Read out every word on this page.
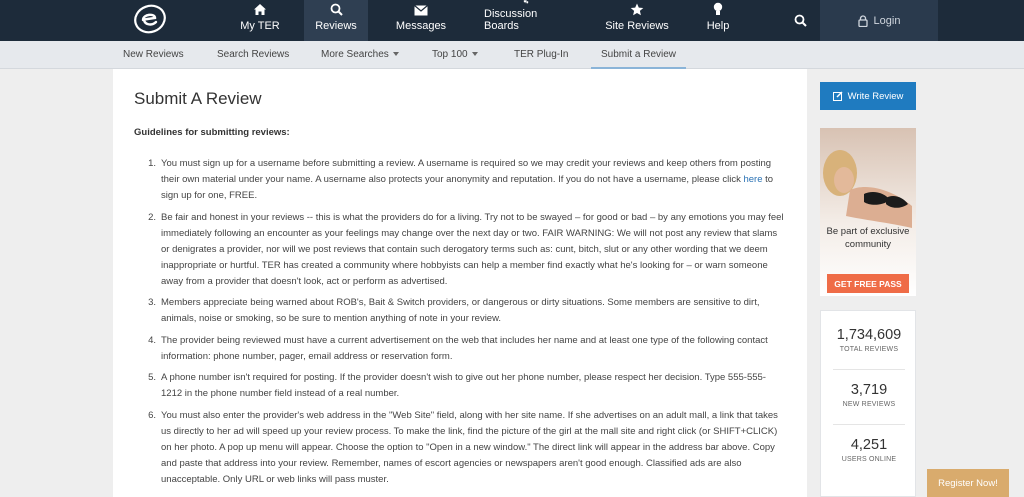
My TER	Reviews	Messages
Discussion Boards	Site Reviews	Help	Login
New Reviews	Search Reviews	More Searches	Top 100	TER Plug-In	Submit a Review
Submit A Review
Guidelines for submitting reviews:
1. You must sign up for a username before submitting a review. A username is required so we may credit your reviews and keep others from posting their own material under your name. A username also protects your anonymity and reputation. If you do not have a username, please click here to sign up for one, FREE.
2. Be fair and honest in your reviews -- this is what the providers do for a living. Try not to be swayed – for good or bad – by any emotions you may feel immediately following an encounter as your feelings may change over the next day or two. FAIR WARNING: We will not post any review that slams or denigrates a provider, nor will we post reviews that contain such derogatory terms such as: cunt, bitch, slut or any other wording that we deem inappropriate or hurtful. TER has created a community where hobbyists can help a member find exactly what he's looking for – or warn someone away from a provider that doesn't look, act or perform as advertised.
3. Members appreciate being warned about ROB's, Bait & Switch providers, or dangerous or dirty situations. Some members are sensitive to dirt, animals, noise or smoking, so be sure to mention anything of note in your review.
4. The provider being reviewed must have a current advertisement on the web that includes her name and at least one type of the following contact information: phone number, pager, email address or reservation form.
5. A phone number isn't required for posting. If the provider doesn't wish to give out her phone number, please respect her decision. Type 555-555-1212 in the phone number field instead of a real number.
6. You must also enter the provider's web address in the "Web Site" field, along with her site name. If she advertises on an adult mall, a link that takes us directly to her ad will speed up your review process. To make the link, find the picture of the girl at the mall site and right click (or SHIFT+CLICK) on her photo. A pop up menu will appear. Choose the option to "Open in a new window." The direct link will appear in the address bar above. Copy and paste that address into your review. Remember, names of escort agencies or newspapers aren't good enough. Classified ads are also unacceptable. Only URL or web links will pass muster.
Write Review
Be part of exclusive community
GET FREE PASS
1,734,609
TOTAL REVIEWS
3,719
NEW REVIEWS
4,251
USERS ONLINE
Register Now!
